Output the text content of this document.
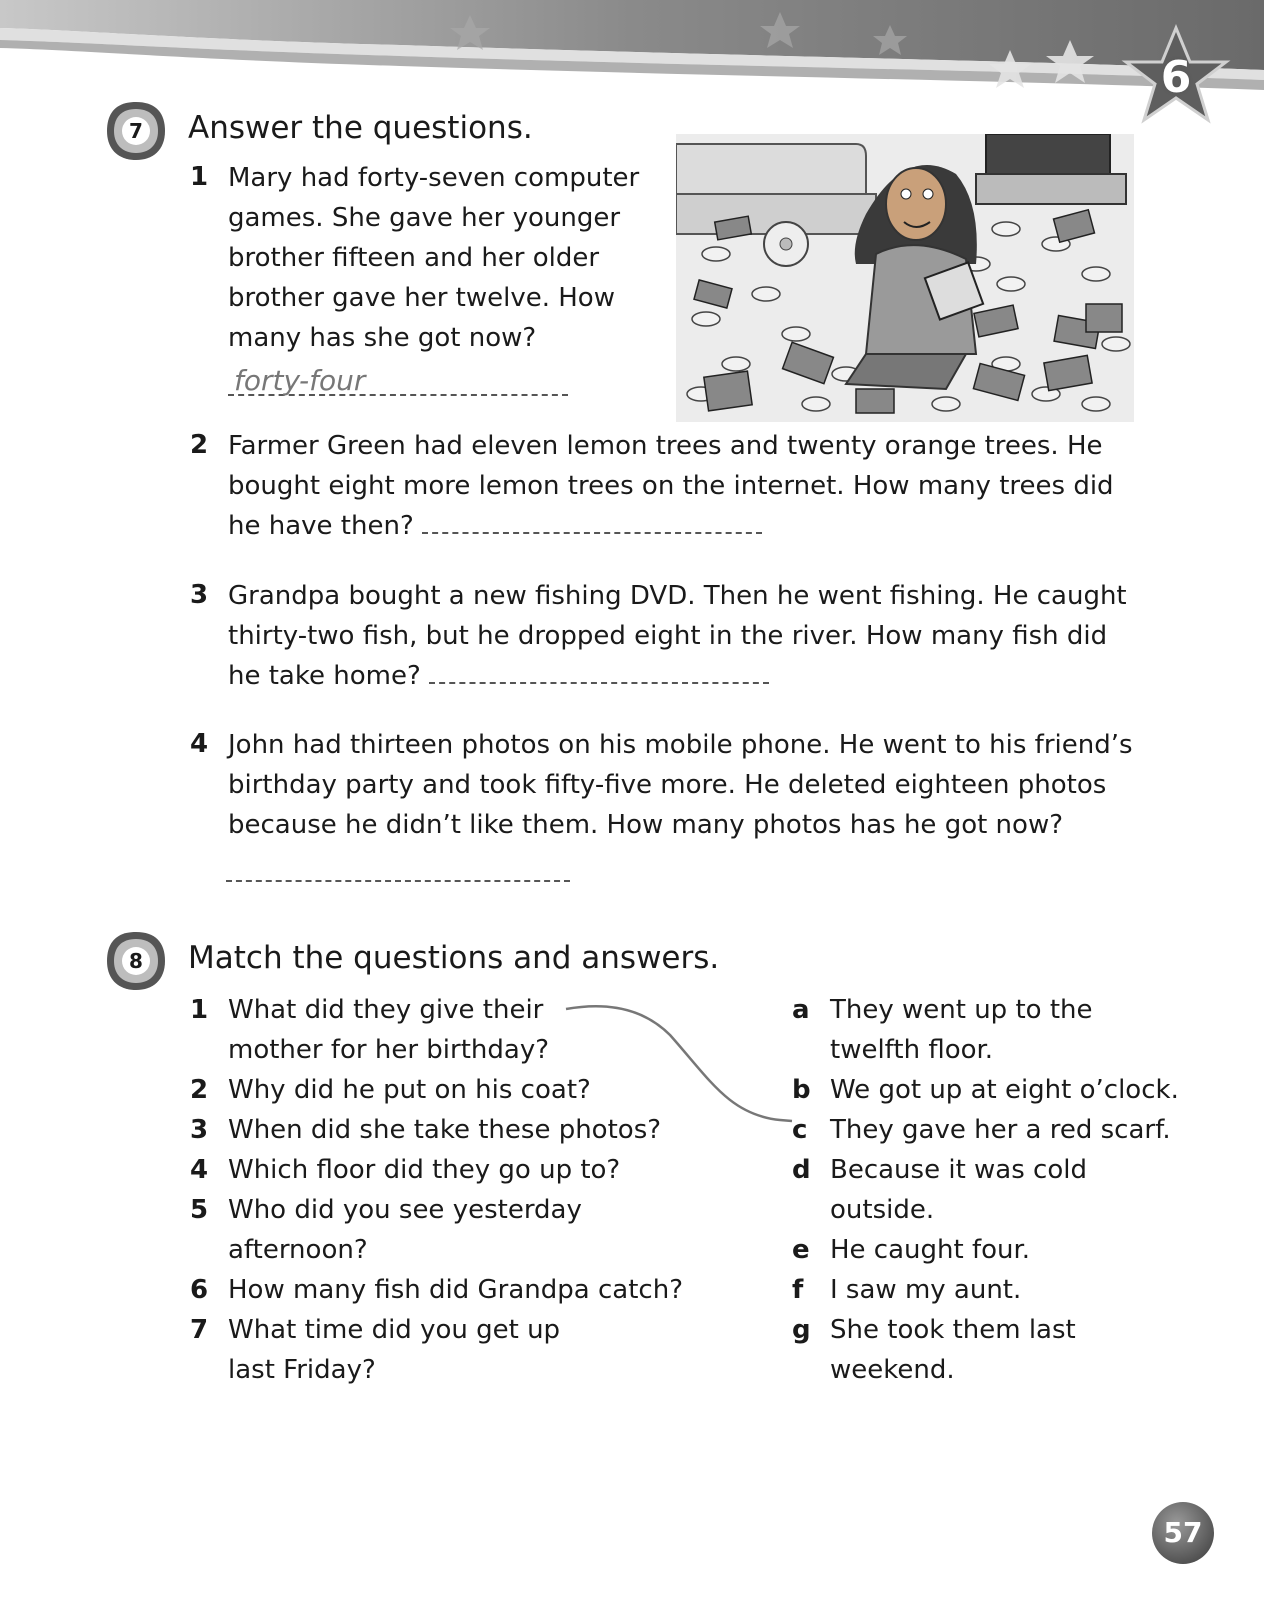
6
7	Answer the questions.
1 Mary had forty-seven computer
games. She gave her younger
brother fifteen and her older
brother gave her twelve. How
many has she got now?
forty-four
2 Farmer Green had eleven lemon trees and twenty orange trees. He
bought eight more lemon trees on the internet. How many trees did
he have then?
3 Grandpa bought a new fishing DVD. Then he went fishing. He caught
thirty-two fish, but he dropped eight in the river. How many fish did
he take home?
4 John had thirteen photos on his mobile phone. He went to his friend’s
birthday party and took fifty-five more. He deleted eighteen photos
because he didn’t like them. How many photos has he got now?
8	Match the questions and answers.
1 What did they give their
mother for her birthday?
2 Why did he put on his coat?
3 When did she take these photos?
4 Which floor did they go up to?
5 Who did you see yesterday
afternoon?
6 How many fish did Grandpa catch?
7 What time did you get up
last Friday?
a They went up to the
twelfth floor.
b We got up at eight o’clock.
c They gave her a red scarf.
d Because it was cold
outside.
e He caught four.
f I saw my aunt.
g She took them last
weekend.
57
